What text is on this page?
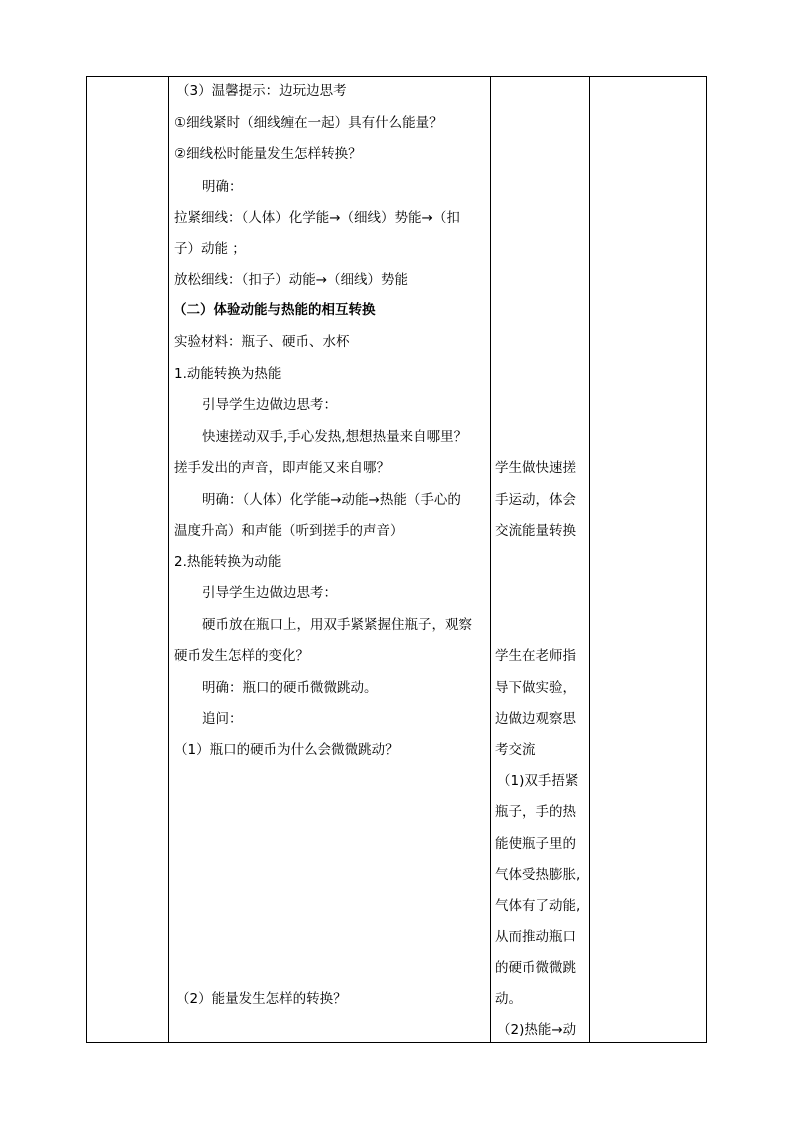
（3）温馨提示：边玩边思考
①细线紧时（细线缠在一起）具有什么能量？
②细线松时能量发生怎样转换？
明确：
拉紧细线：（人体）化学能→（细线）势能→（扣
子）动能 ；
放松细线：（扣子）动能→（细线）势能
（二）体验动能与热能的相互转换
实验材料：瓶子、硬币、水杯
1.动能转换为热能
引导学生边做边思考：
快速搓动双手,手心发热,想想热量来自哪里？
搓手发出的声音，即声能又来自哪？
明确：（人体）化学能→动能→热能（手心的
温度升高）和声能（听到搓手的声音）
2.热能转换为动能
引导学生边做边思考：
硬币放在瓶口上，用双手紧紧握住瓶子，观察
硬币发生怎样的变化？
明确：瓶口的硬币微微跳动。
追问：
（1）瓶口的硬币为什么会微微跳动？
（2）能量发生怎样的转换？
学生做快速搓
手运动，体会
交流能量转换
学生在老师指
导下做实验，
边做边观察思
考交流
（1)双手捂紧
瓶子，手的热
能使瓶子里的
气体受热膨胀,
气体有了动能,
从而推动瓶口
的硬币微微跳
动。
（2)热能→动
